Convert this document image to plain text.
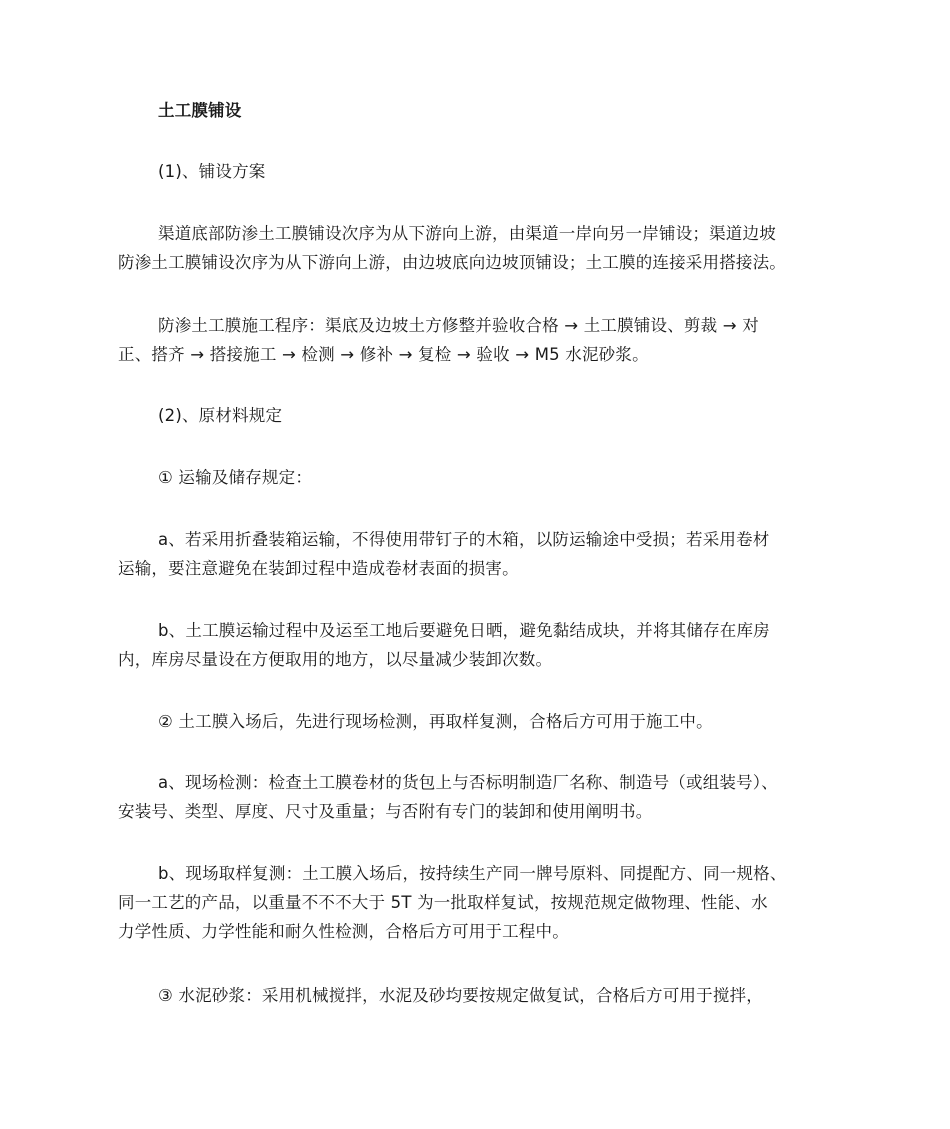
土工膜铺设

(1)、铺设方案

渠道底部防渗土工膜铺设次序为从下游向上游，由渠道一岸向另一岸铺设；渠道边坡
防渗土工膜铺设次序为从下游向上游，由边坡底向边坡顶铺设；土工膜的连接采用搭接法。

防渗土工膜施工程序：渠底及边坡土方修整并验收合格 → 土工膜铺设、剪裁 → 对
正、搭齐 → 搭接施工 → 检测 → 修补 → 复检 → 验收 → M5 水泥砂浆。

(2)、原材料规定

① 运输及储存规定：

a、若采用折叠装箱运输，不得使用带钉子的木箱，以防运输途中受损；若采用卷材
运输，要注意避免在装卸过程中造成卷材表面的损害。

b、土工膜运输过程中及运至工地后要避免日晒，避免黏结成块，并将其储存在库房
内，库房尽量设在方便取用的地方，以尽量减少装卸次数。

② 土工膜入场后，先进行现场检测，再取样复测，合格后方可用于施工中。

a、现场检测：检查土工膜卷材的货包上与否标明制造厂名称、制造号（或组装号）、
安装号、类型、厚度、尺寸及重量；与否附有专门的装卸和使用阐明书。

b、现场取样复测：土工膜入场后，按持续生产同一牌号原料、同提配方、同一规格、
同一工艺的产品，以重量不不不大于 5T 为一批取样复试，按规范规定做物理、性能、水
力学性质、力学性能和耐久性检测，合格后方可用于工程中。

③ 水泥砂浆：采用机械搅拌，水泥及砂均要按规定做复试，合格后方可用于搅拌，
